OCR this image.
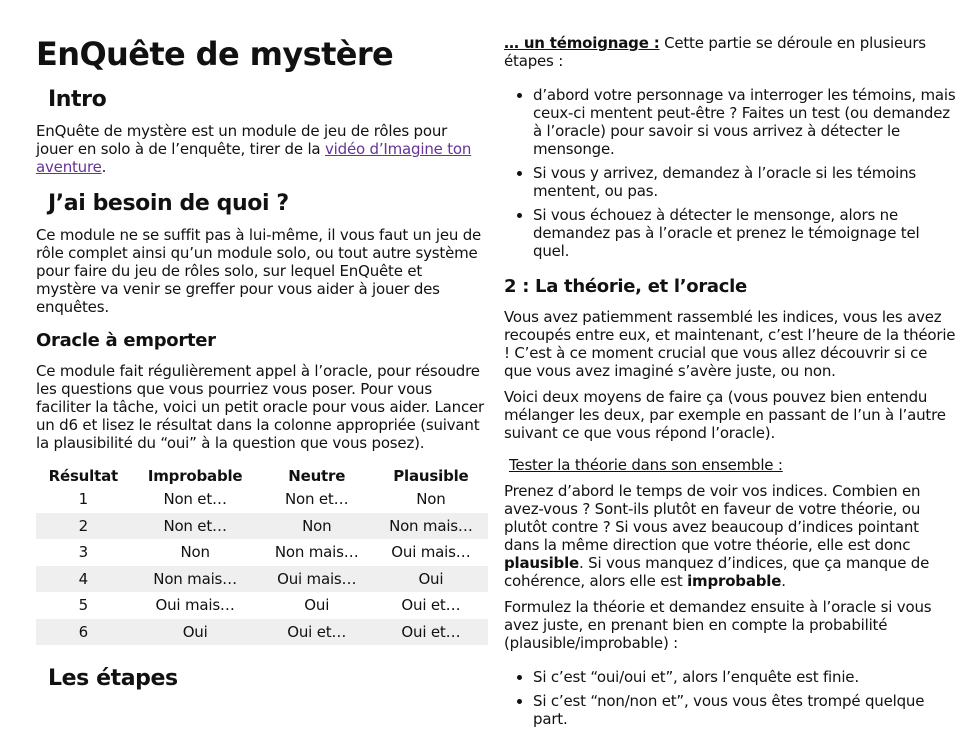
EnQuête de mystère
Intro

EnQuête de mystère est un module de jeu de rôles pour jouer en solo à de l’enquête, tirer de la vidéo d’Imagine ton aventure.

J’ai besoin de quoi ?

Ce module ne se suffit pas à lui-même, il vous faut un jeu de rôle complet ainsi qu’un module solo, ou tout autre système pour faire du jeu de rôles solo, sur lequel EnQuête et mystère va venir se greffer pour vous aider à jouer des enquêtes.

Oracle à emporter

Ce module fait régulièrement appel à l’oracle, pour résoudre les questions que vous pourriez vous poser. Pour vous faciliter la tâche, voici un petit oracle pour vous aider. Lancer un d6 et lisez le résultat dans la colonne appropriée (suivant la plausibilité du “oui” à la question que vous posez).

Résultat	Improbable	Neutre	Plausible
1	Non et…	Non et…	Non
2	Non et…	Non	Non mais…
3	Non	Non mais…	Oui mais…
4	Non mais…	Oui mais…	Oui
5	Oui mais…	Oui	Oui et…
6	Oui	Oui et…	Oui et…
Les étapes

… un témoignage : Cette partie se déroule en plusieurs étapes :

• d’abord votre personnage va interroger les témoins, mais ceux-ci mentent peut-être ? Faites un test (ou demandez à l’oracle) pour savoir si vous arrivez à détecter le mensonge.
• Si vous y arrivez, demandez à l’oracle si les témoins mentent, ou pas.
• Si vous échouez à détecter le mensonge, alors ne demandez pas à l’oracle et prenez le témoignage tel quel.
2 : La théorie, et l’oracle

Vous avez patiemment rassemblé les indices, vous les avez recoupés entre eux, et maintenant, c’est l’heure de la théorie ! C’est à ce moment crucial que vous allez découvrir si ce que vous avez imaginé s’avère juste, ou non.

Voici deux moyens de faire ça (vous pouvez bien entendu mélanger les deux, par exemple en passant de l’un à l’autre suivant ce que vous répond l’oracle).

Tester la théorie dans son ensemble :

Prenez d’abord le temps de voir vos indices. Combien en avez-vous ? Sont-ils plutôt en faveur de votre théorie, ou plutôt contre ? Si vous avez beaucoup d’indices pointant dans la même direction que votre théorie, elle est donc plausible. Si vous manquez d’indices, que ça manque de cohérence, alors elle est improbable.

Formulez la théorie et demandez ensuite à l’oracle si vous avez juste, en prenant bien en compte la probabilité (plausible/improbable) :

• Si c’est “oui/oui et”, alors l’enquête est finie.
• Si c’est “non/non et”, vous vous êtes trompé quelque part.
